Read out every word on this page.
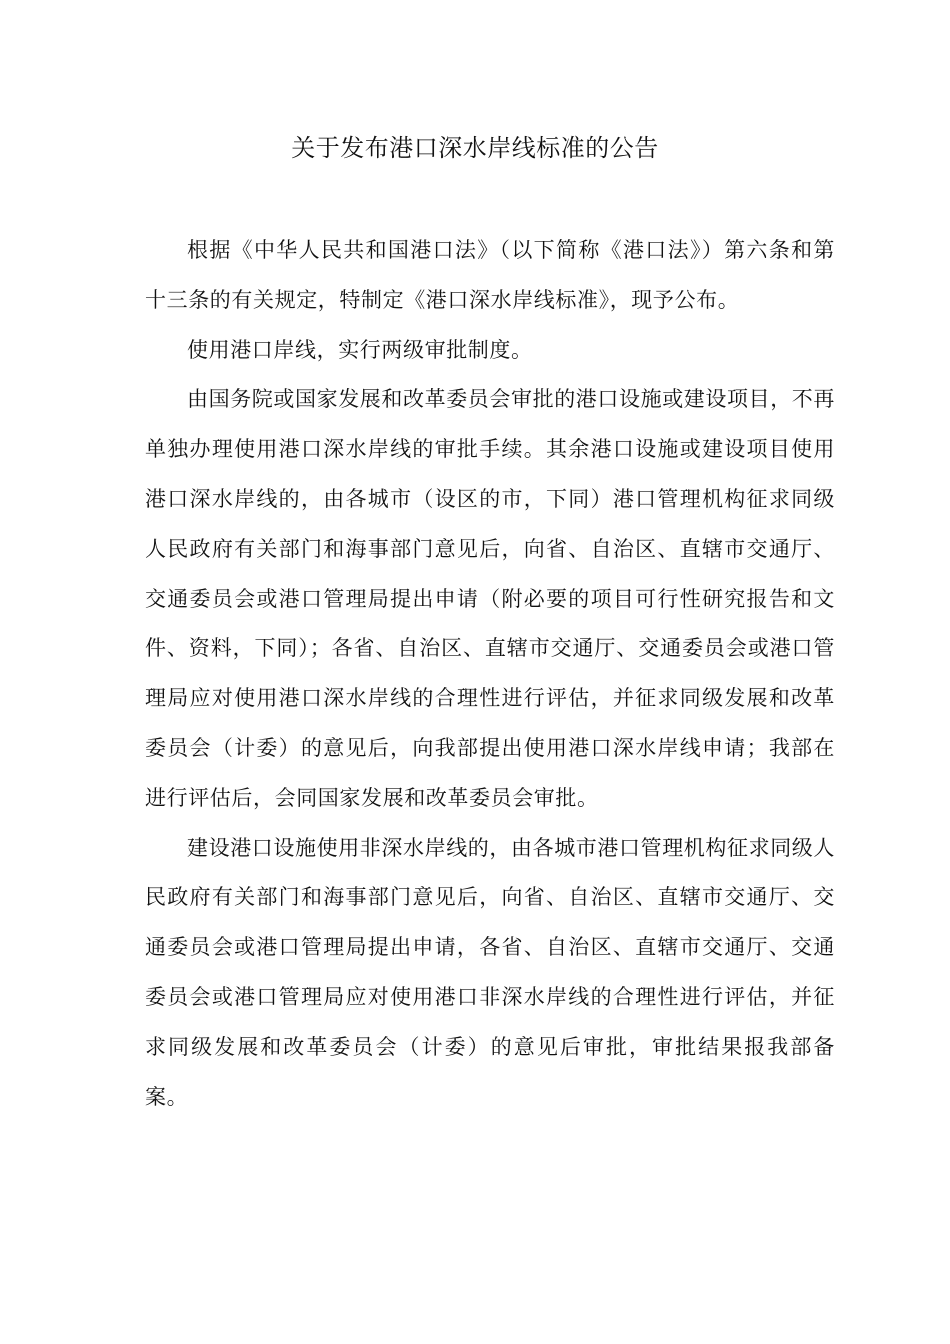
关于发布港口深水岸线标准的公告

根据《中华人民共和国港口法》（以下简称《港口法》）第六条和第十三条的有关规定，特制定《港口深水岸线标准》，现予公布。

使用港口岸线，实行两级审批制度。

由国务院或国家发展和改革委员会审批的港口设施或建设项目，不再单独办理使用港口深水岸线的审批手续。其余港口设施或建设项目使用港口深水岸线的，由各城市（设区的市，下同）港口管理机构征求同级人民政府有关部门和海事部门意见后，向省、自治区、直辖市交通厅、交通委员会或港口管理局提出申请（附必要的项目可行性研究报告和文件、资料，下同）；各省、自治区、直辖市交通厅、交通委员会或港口管理局应对使用港口深水岸线的合理性进行评估，并征求同级发展和改革委员会（计委）的意见后，向我部提出使用港口深水岸线申请；我部在进行评估后，会同国家发展和改革委员会审批。

建设港口设施使用非深水岸线的，由各城市港口管理机构征求同级人民政府有关部门和海事部门意见后，向省、自治区、直辖市交通厅、交通委员会或港口管理局提出申请，各省、自治区、直辖市交通厅、交通委员会或港口管理局应对使用港口非深水岸线的合理性进行评估，并征求同级发展和改革委员会（计委）的意见后审批，审批结果报我部备案。
